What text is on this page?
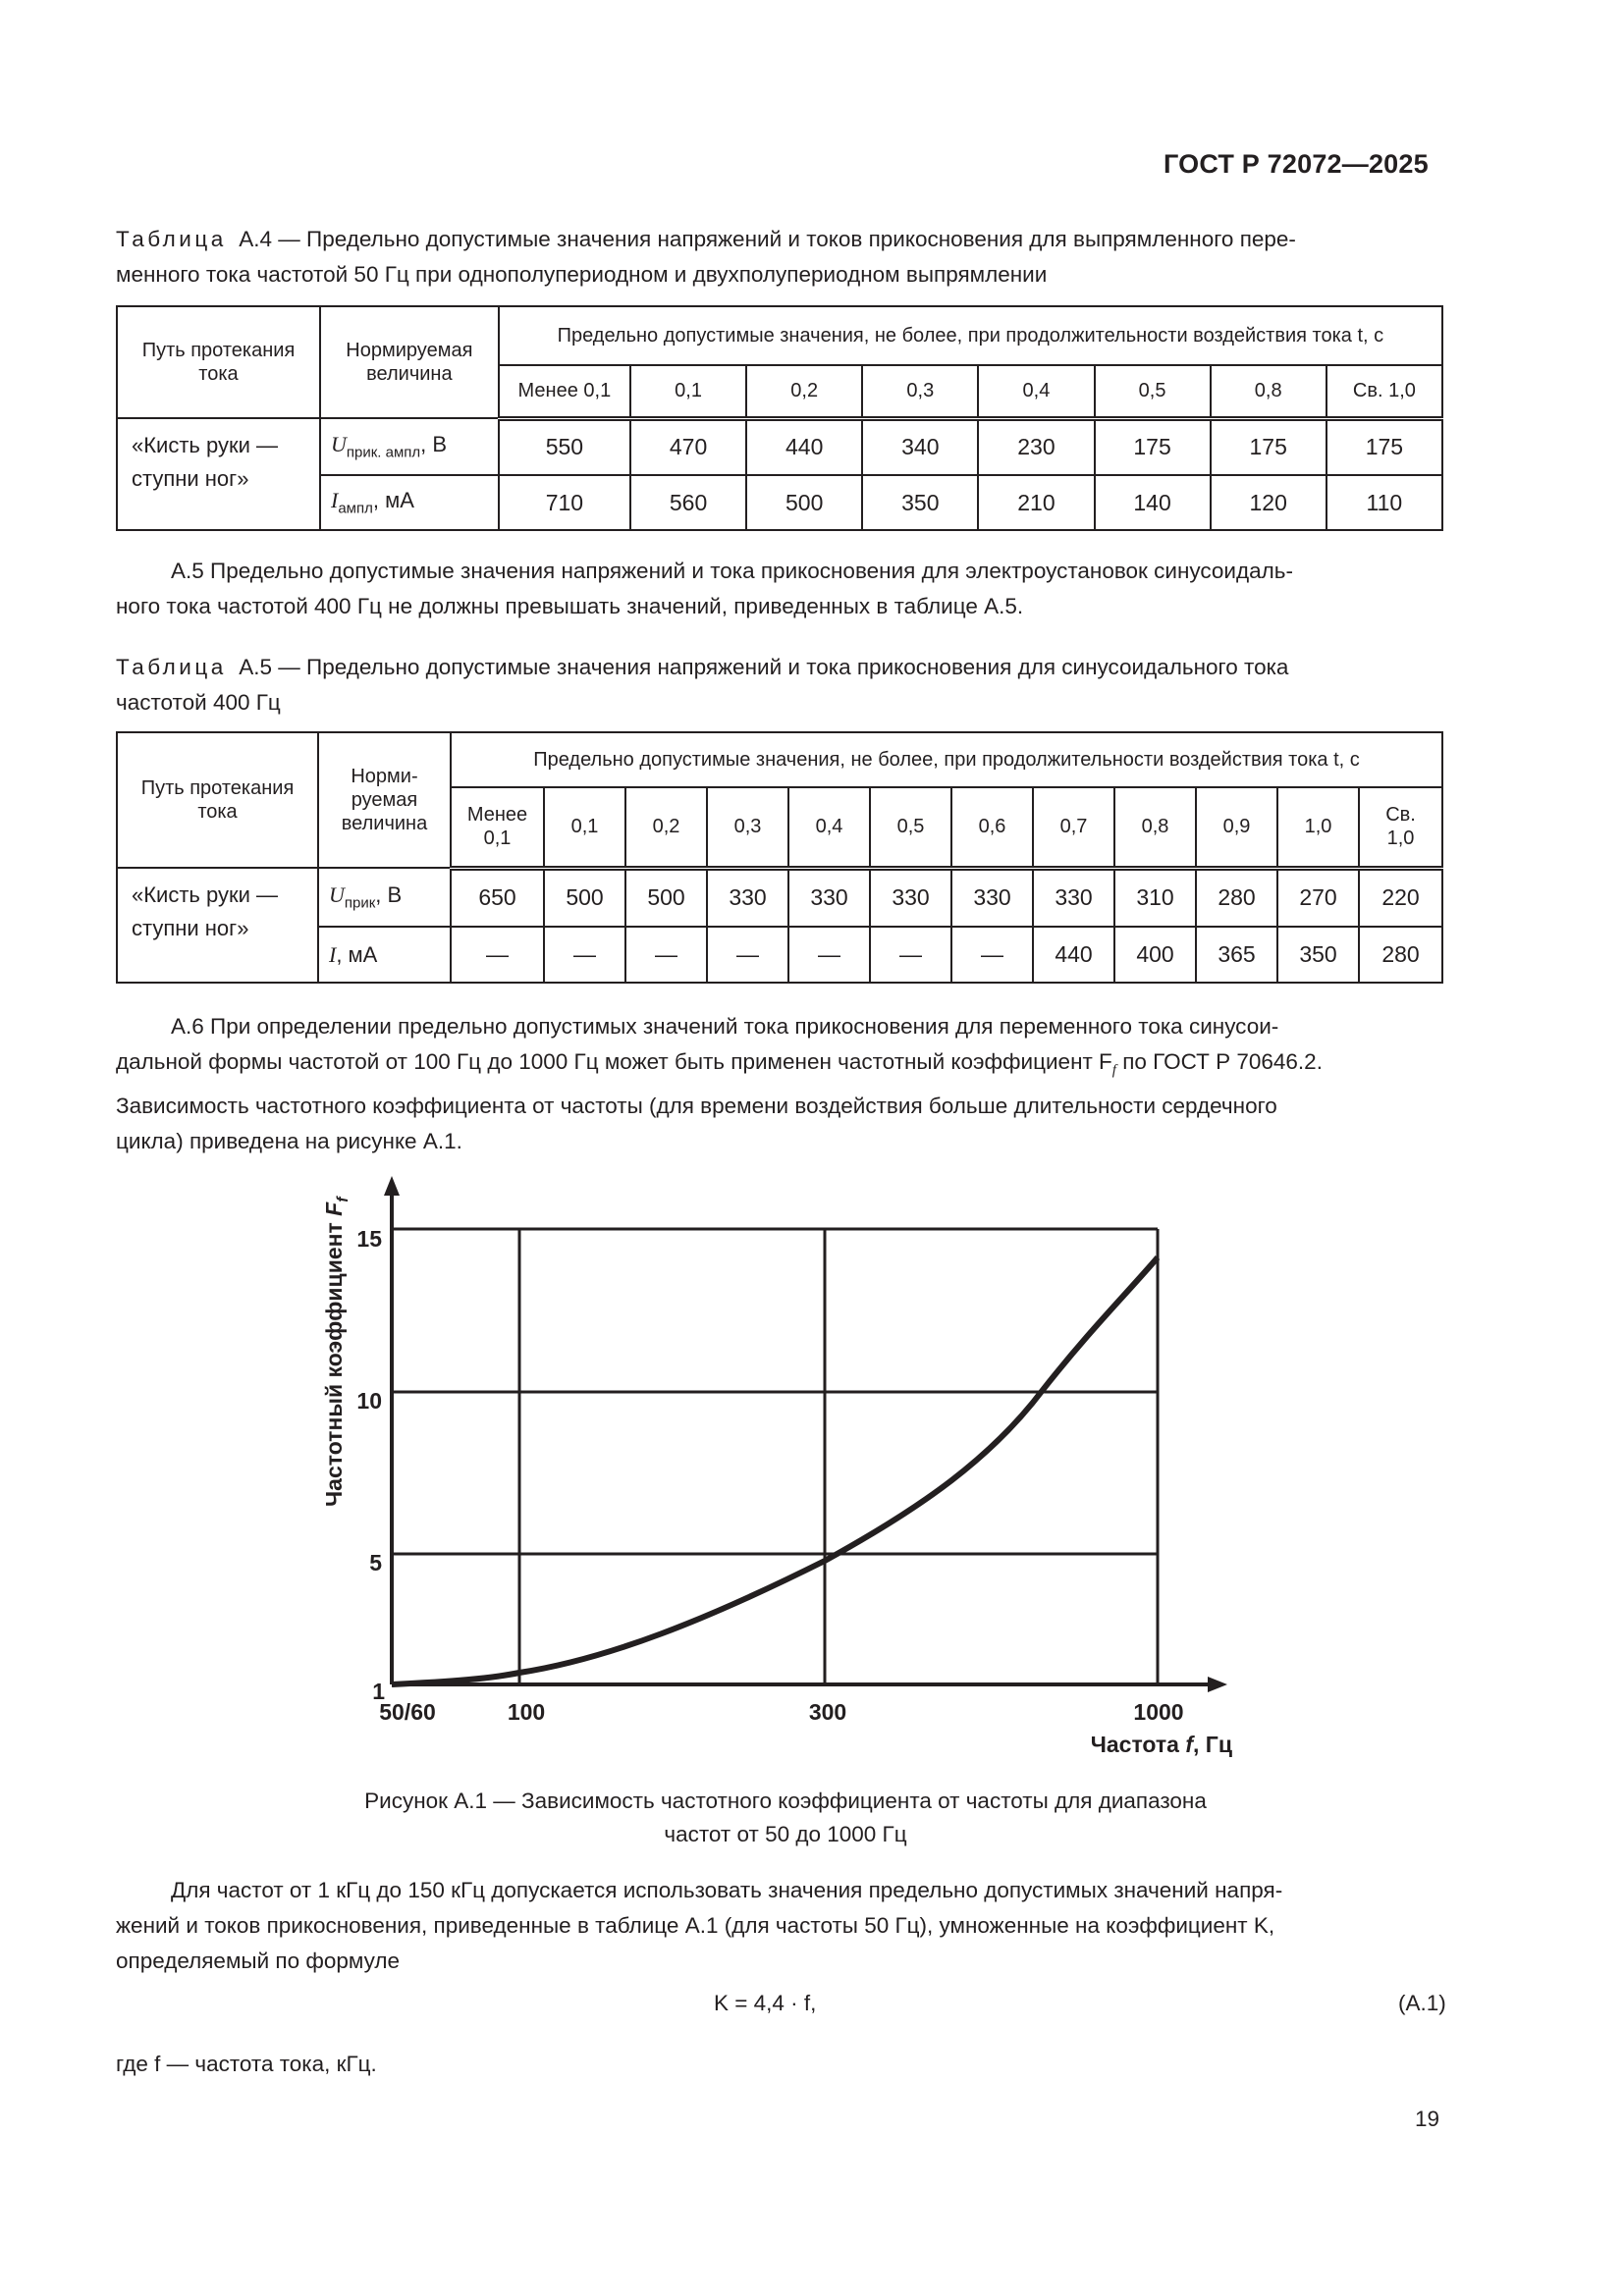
ГОСТ Р 72072—2025
Таблица А.4 — Предельно допустимые значения напряжений и токов прикосновения для выпрямленного пере-
менного тока частотой 50 Гц при однополупериодном и двухполупериодном выпрямлении
Путь протекания тока	Нормируемая величина	Предельно допустимые значения, не более, при продолжительности воздействия тока t, с							
		Менее 0,1	0,1	0,2	0,3	0,4	0,5	0,8	Св. 1,0
«Кисть руки — ступни ног»	$U_{прик. ампл}$, В	550	470	440	340	230	175	175	175
	$I_{ампл}$, мА	710	560	500	350	210	140	120	110
А.5 Предельно допустимые значения напряжений и тока прикосновения для электроустановок синусоидаль-
ного тока частотой 400 Гц не должны превышать значений, приведенных в таблице А.5.
Таблица А.5 — Предельно допустимые значения напряжений и тока прикосновения для синусоидального тока
частотой 400 Гц
Путь протекания тока	Норми-руемая величина	Предельно допустимые значения, не более, при продолжительности воздействия тока t, с											
		Менее 0,1	0,1	0,2	0,3	0,4	0,5	0,6	0,7	0,8	0,9	1,0	Св. 1,0
«Кисть руки — ступни ног»	$U_{прик}$, В	650	500	500	330	330	330	330	330	310	280	270	220
	I, мА	—	—	—	—	—	—	—	440	400	365	350	280
А.6 При определении предельно допустимых значений тока прикосновения для переменного тока синусои-
дальной формы частотой от 100 Гц до 1000 Гц может быть применен частотный коэффициент $F_f$ по ГОСТ Р 70646.2.
Зависимость частотного коэффициента от частоты (для времени воздействия больше длительности сердечного
цикла) приведена на рисунке А.1.
15
10
5
1
50/60	100	300	1000
Частота f, Гц
Частотный коэффициент $F_f$
Рисунок А.1 — Зависимость частотного коэффициента от частоты для диапазона
частот от 50 до 1000 Гц
Для частот от 1 кГц до 150 кГц допускается использовать значения предельно допустимых значений напря-
жений и токов прикосновения, приведенные в таблице А.1 (для частоты 50 Гц), умноженные на коэффициент K,
определяемый по формуле
K = 4,4 · f,	(А.1)
где f — частота тока, кГц.
19
